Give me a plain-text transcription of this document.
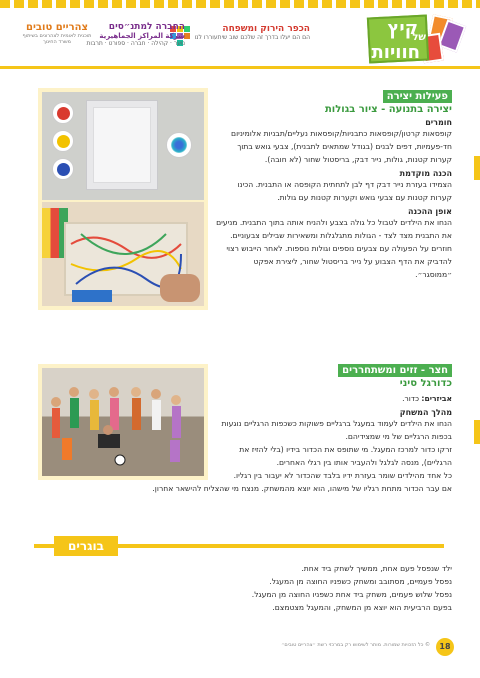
קיץ
של
חוויות
הכפר הירוק ומשפחה
הם הם יעלו בדרך זה שלכם שוב שיתעוררו לנו
החברה למתנ״סים
شركة المراكز الجماهيرية
נוער · קהילה · חברה · ספורט · תרבות
צהריים טובים
תוכנית לאומית לצהרונים בשיתוף משרד החינוך
פעילות יצירה
יצירה בתנועה - ציור בגולות
חומרים
קופסאות קרטון/קופסאות כתבניות/קופסאות נעליים/תבניות אלומיניום חד-פעמיות, דפים לבנים (בגודל שמתאים לתבנית), צבעי גואש בתוך קערות קטנות, גולות, נייר דבק, בריסטול שחור (לא חובה).
הכנה מוקדמת
הצמידו בעזרת נייר דבק דף לבן לתחתית הקופסה או התבנית. הכינו קערות קטנות עם צבעי גואש וקערות קטנות עם גולות.
אופן ההכנה
הנחו את הילדים לטבול כל גולה בצבע ולהניח אותה בתוך התבנית. מניעים את התבנית מצד לצד - הגולות מתגלגלות ומשאירות שבילים צבעוניים. חוזרים על הפעולה עם צבעים נוספים וגולות נוספות. לאחר הייבוש רצוי להדביק את הדף הצבוע על נייר בריסטול שחור, ליצירת אפקט ״ממוסגר״.
חצר - זזים ומשתחררים
כדורגל סיני
אביזרים: כדור.
מהלך המשחק
הנחו את הילדים לעמוד במעגל ברגליים פשוקות כשכפות הרגליים נוגעות בכפות הרגליים של מי שמצידיהם.
זרקו כדור למרכז המעגל. מי שתופס את הכדור בידיו (בלי להזיז את הרגליים), מנסה לגלגל ולהעביר אותו בין רגלי האחרים.
כל אחד מהילדים שומר בעזרת ידיו בלבד שהכדור לא יעבור בין רגליו.
אם עבר הכדור מתחת רגליו של מישהו, הוא יוצא מהמשחק. מנצח מי שהצליח להישאר אחרון.
בוגרים
ילד שנפסל פעם אחת, ממשיך לשחק ביד אחת.
נפסל פעמיים, מסתובב ומשחק כשפניו החוצה מן המעגל.
נפסל שלוש פעמים, משחק ביד אחת כשפניו החוצה מן המעגל.
בפעם הרביעית הוא יוצא מן המשחק, והמעגל מצטמצם.
18
© כל הזכויות שמורות. מותר לשימוש רק במרכזי רשת ״צהריים טובים״
